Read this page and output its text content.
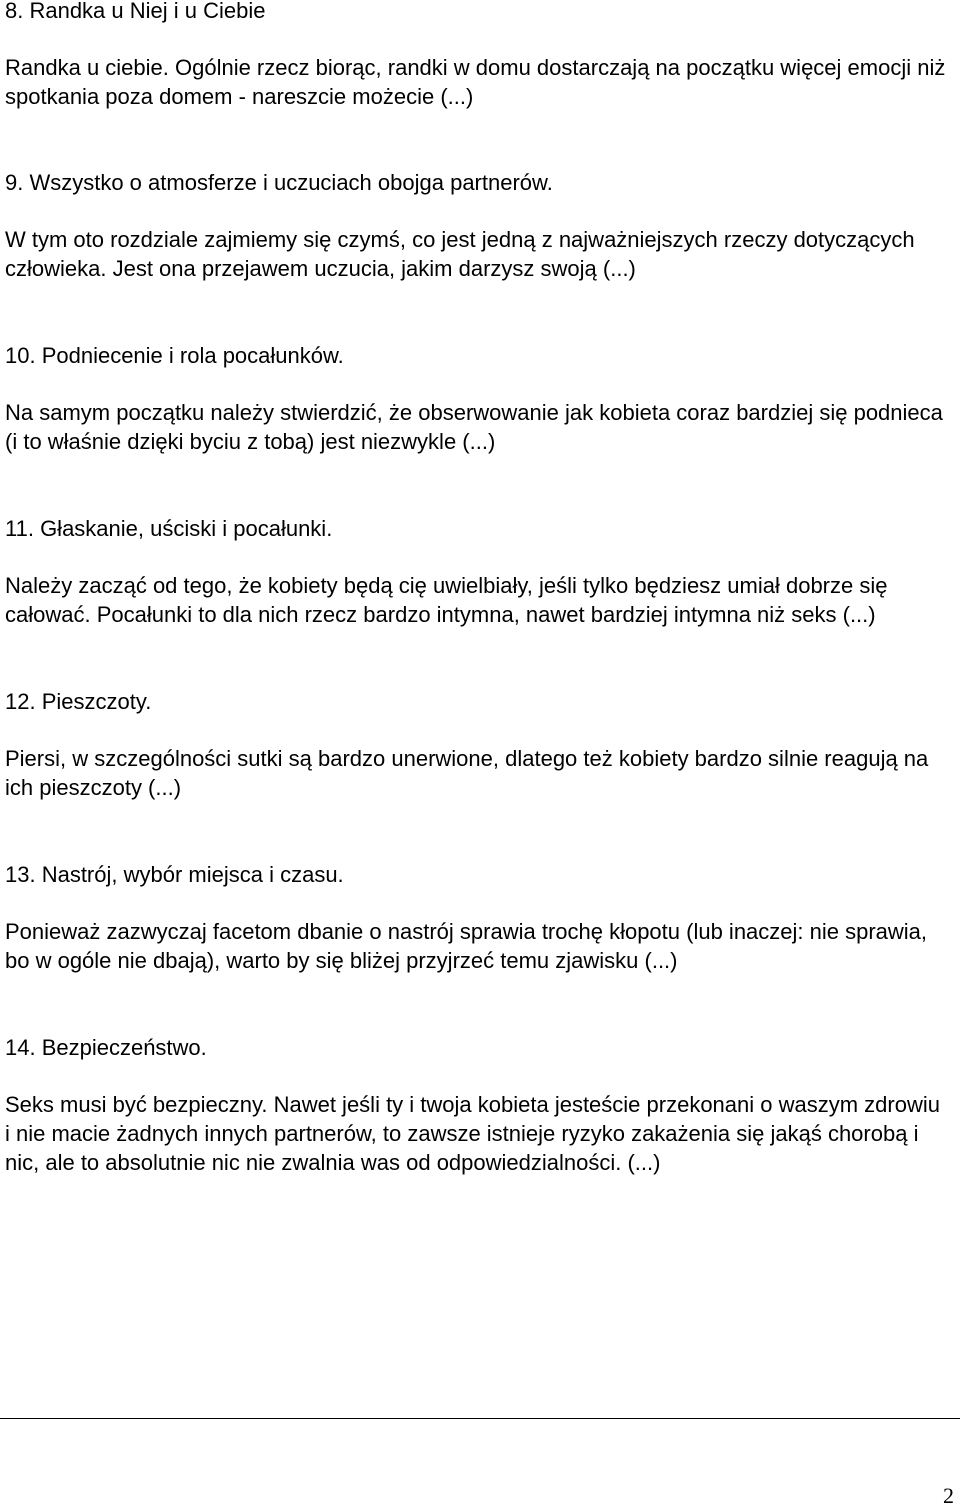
8. Randka u Niej i u Ciebie

Randka u ciebie. Ogólnie rzecz biorąc, randki w domu dostarczają na początku więcej emocji niż spotkania poza domem - nareszcie możecie (...)

9. Wszystko o atmosferze i uczuciach obojga partnerów.

W tym oto rozdziale zajmiemy się czymś, co jest jedną z najważniejszych rzeczy dotyczących człowieka. Jest ona przejawem uczucia, jakim darzysz swoją (...)

10. Podniecenie i rola pocałunków.

Na samym początku należy stwierdzić, że obserwowanie jak kobieta coraz bardziej się podnieca (i to właśnie dzięki byciu z tobą) jest niezwykle (...)

11. Głaskanie, uściski i pocałunki.

Należy zacząć od tego, że kobiety będą cię uwielbiały, jeśli tylko będziesz umiał dobrze się całować. Pocałunki to dla nich rzecz bardzo intymna, nawet bardziej intymna niż seks (...)

12. Pieszczoty.

Piersi, w szczególności sutki są bardzo unerwione, dlatego też kobiety bardzo silnie reagują na ich pieszczoty (...)

13. Nastrój, wybór miejsca i czasu.

Ponieważ zazwyczaj facetom dbanie o nastrój sprawia trochę kłopotu (lub inaczej: nie sprawia, bo w ogóle nie dbają), warto by się bliżej przyjrzeć temu zjawisku (...)

14. Bezpieczeństwo.

Seks musi być bezpieczny. Nawet jeśli ty i twoja kobieta jesteście przekonani o waszym zdrowiu i nie macie żadnych innych partnerów, to zawsze istnieje ryzyko zakażenia się jakąś chorobą i nic, ale to absolutnie nic nie zwalnia was od odpowiedzialności. (...)

2
